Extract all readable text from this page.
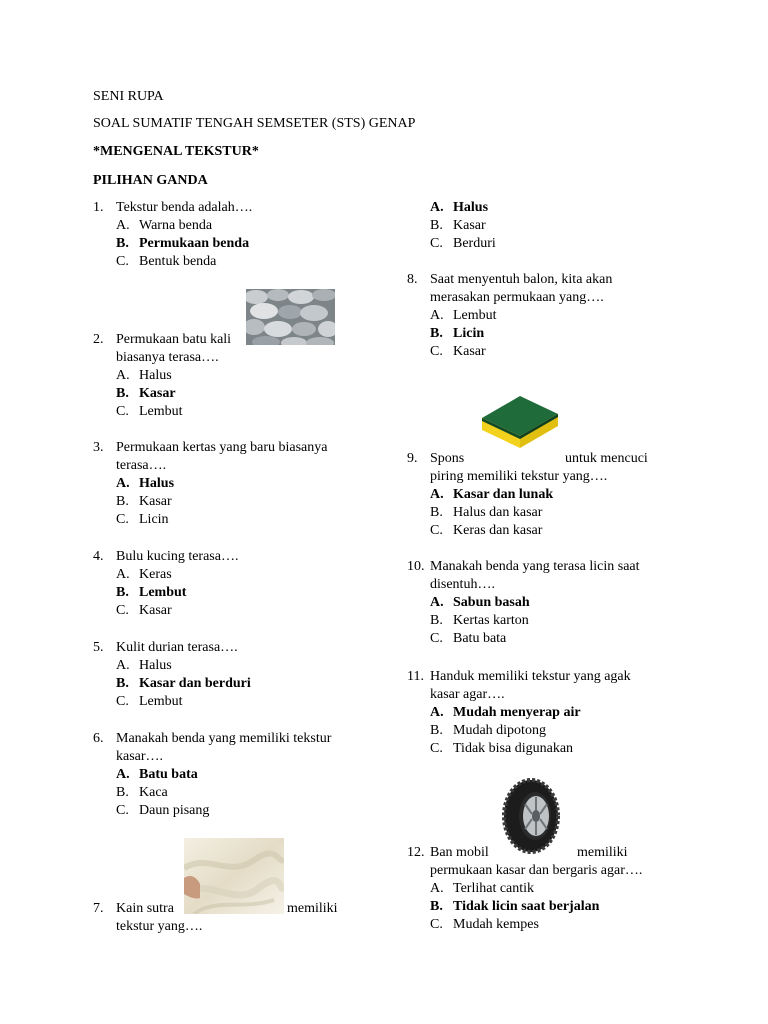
SENI RUPA
SOAL SUMATIF TENGAH SEMSETER (STS) GENAP
*MENGENAL TEKSTUR*
PILIHAN GANDA
1. Tekstur benda adalah….
A. Warna benda
B. Permukaan benda
C. Bentuk benda
2. Permukaan batu kali
biasanya terasa….
A. Halus
B. Kasar
C. Lembut
3. Permukaan kertas yang baru biasanya
terasa….
A. Halus
B. Kasar
C. Licin
4. Bulu kucing terasa….
A. Keras
B. Lembut
C. Kasar
5. Kulit durian terasa….
A. Halus
B. Kasar dan berduri
C. Lembut
6. Manakah benda yang memiliki tekstur
kasar….
A. Batu bata
B. Kaca
C. Daun pisang
7. Kain sutra	memiliki
tekstur yang….
A. Halus
B. Kasar
C. Berduri
8. Saat menyentuh balon, kita akan
merasakan permukaan yang….
A. Lembut
B. Licin
C. Kasar
9. Spons	untuk mencuci
piring memiliki tekstur yang….
A. Kasar dan lunak
B. Halus dan kasar
C. Keras dan kasar
10. Manakah benda yang terasa licin saat
disentuh….
A. Sabun basah
B. Kertas karton
C. Batu bata
11. Handuk memiliki tekstur yang agak
kasar agar….
A. Mudah menyerap air
B. Mudah dipotong
C. Tidak bisa digunakan
12. Ban mobil	memiliki
permukaan kasar dan bergaris agar….
A. Terlihat cantik
B. Tidak licin saat berjalan
C. Mudah kempes
